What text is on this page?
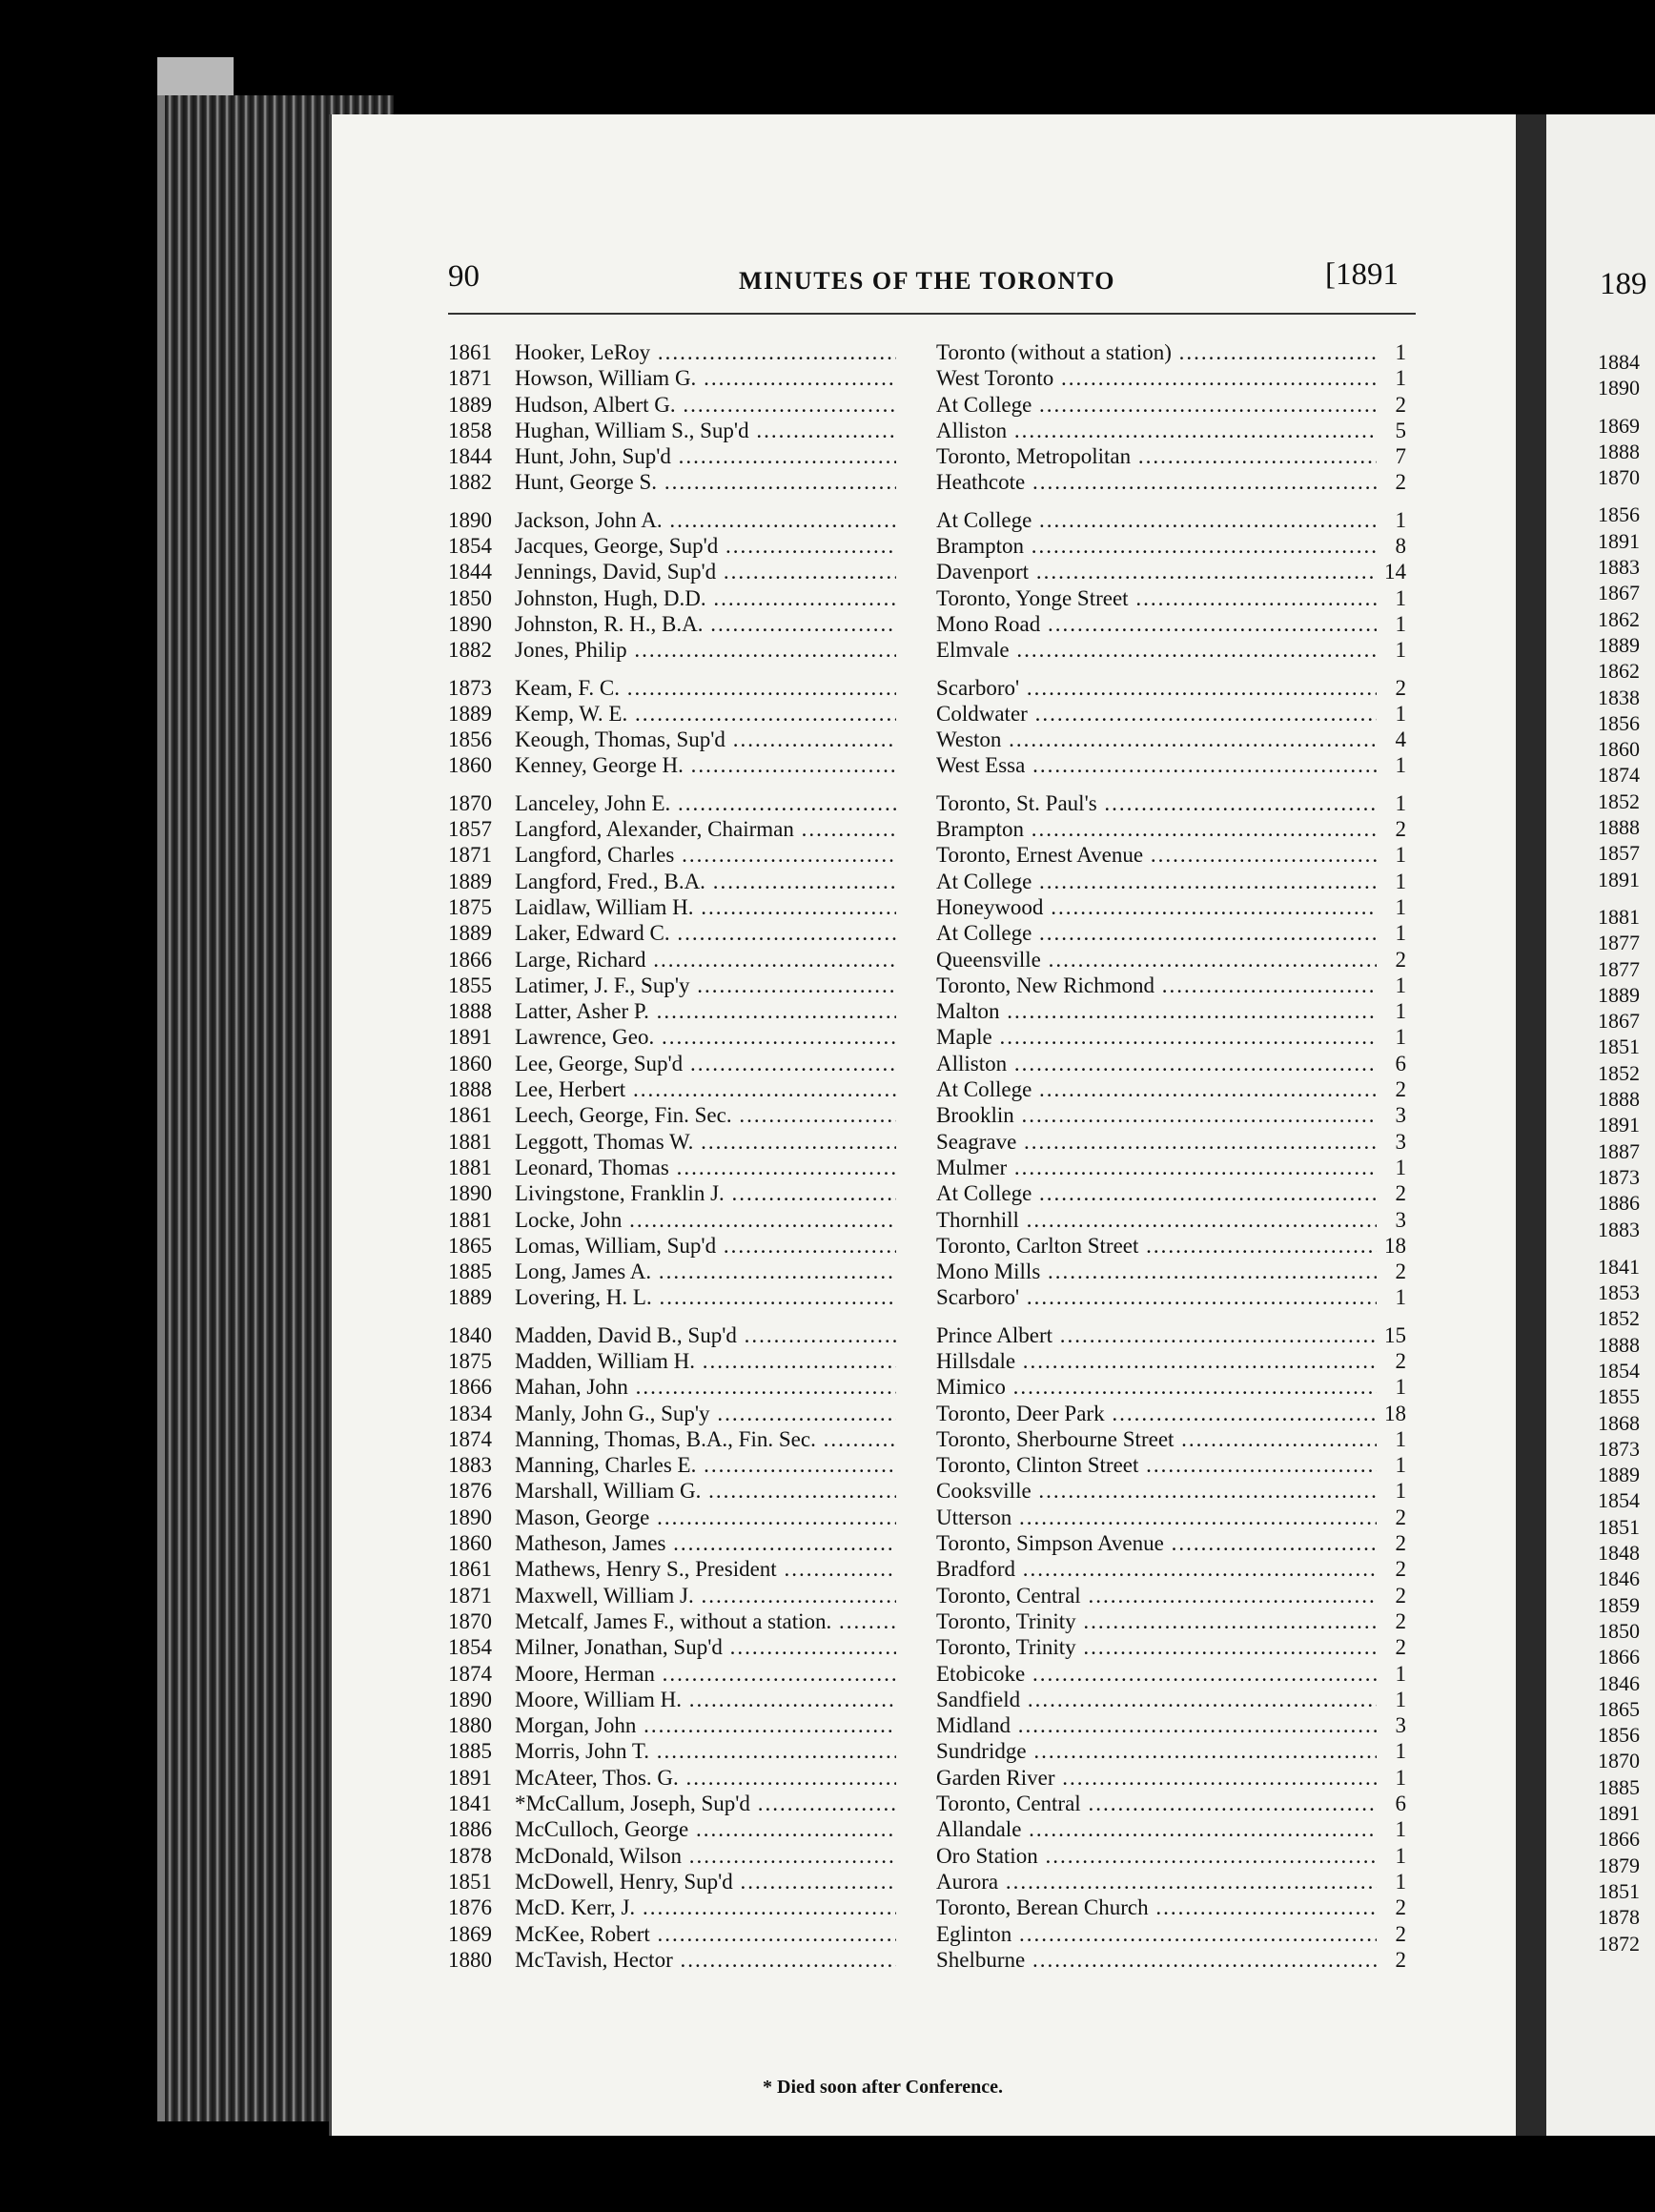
90	MINUTES OF THE TORONTO	[1891
1861 Hooker, LeRoy .....	Toronto (without a station) .....	1
1871 Howson, William G. .....	West Toronto .....	1
1889 Hudson, Albert G. .....	At College .....	2
1858 Hughan, William S., Sup'd .....	Alliston .....	5
1844 Hunt, John, Sup'd .....	Toronto, Metropolitan .....	7
1882 Hunt, George S. .....	Heathcote .....	2
1890 Jackson, John A. .....	At College .....	1
1854 Jacques, George, Sup'd .....	Brampton .....	8
1844 Jennings, David, Sup'd .....	Davenport .....	14
1850 Johnston, Hugh, D.D. .....	Toronto, Yonge Street .....	1
1890 Johnston, R. H., B.A. .....	Mono Road .....	1
1882 Jones, Philip .....	Elmvale .....	1
1873 Keam, F. C. .....	Scarboro' .....	2
1889 Kemp, W. E. .....	Coldwater .....	1
1856 Keough, Thomas, Sup'd .....	Weston .....	4
1860 Kenney, George H. .....	West Essa .....	1
1870 Lanceley, John E. .....	Toronto, St. Paul's .....	1
1857 Langford, Alexander, Chairman .....	Brampton .....	2
1871 Langford, Charles .....	Toronto, Ernest Avenue .....	1
1889 Langford, Fred., B.A. .....	At College .....	1
1875 Laidlaw, William H. .....	Honeywood .....	1
1889 Laker, Edward C. .....	At College .....	1
1866 Large, Richard .....	Queensville .....	2
1855 Latimer, J. F., Sup'y .....	Toronto, New Richmond .....	1
1888 Latter, Asher P. .....	Malton .....	1
1891 Lawrence, Geo. .....	Maple .....	1
1860 Lee, George, Sup'd .....	Alliston .....	6
1888 Lee, Herbert .....	At College .....	2
1861 Leech, George, Fin. Sec. .....	Brooklin .....	3
1881 Leggott, Thomas W. .....	Seagrave .....	3
1881 Leonard, Thomas .....	Mulmer .....	1
1890 Livingstone, Franklin J. .....	At College .....	2
1881 Locke, John .....	Thornhill .....	3
1865 Lomas, William, Sup'd .....	Toronto, Carlton Street .....	18
1885 Long, James A. .....	Mono Mills .....	2
1889 Lovering, H. L. .....	Scarboro' .....	1
1840 Madden, David B., Sup'd .....	Prince Albert .....	15
1875 Madden, William H. .....	Hillsdale .....	2
1866 Mahan, John .....	Mimico .....	1
1834 Manly, John G., Sup'y .....	Toronto, Deer Park .....	18
1874 Manning, Thomas, B.A., Fin. Sec. .....	Toronto, Sherbourne Street .....	1
1883 Manning, Charles E. .....	Toronto, Clinton Street .....	1
1876 Marshall, William G. .....	Cooksville .....	1
1890 Mason, George .....	Utterson .....	2
1860 Matheson, James .....	Toronto, Simpson Avenue .....	2
1861 Mathews, Henry S., President .....	Bradford .....	2
1871 Maxwell, William J. .....	Toronto, Central .....	2
1870 Metcalf, James F., without a station. .....	Toronto, Trinity .....	2
1854 Milner, Jonathan, Sup'd .....	Toronto, Trinity .....	2
1874 Moore, Herman .....	Etobicoke .....	1
1890 Moore, William H. .....	Sandfield .....	1
1880 Morgan, John .....	Midland .....	3
1885 Morris, John T. .....	Sundridge .....	1
1891 McAteer, Thos. G. .....	Garden River .....	1
1841 *McCallum, Joseph, Sup'd .....	Toronto, Central .....	6
1886 McCulloch, George .....	Allandale .....	1
1878 McDonald, Wilson .....	Oro Station .....	1
1851 McDowell, Henry, Sup'd .....	Aurora .....	1
1876 McD. Kerr, J. .....	Toronto, Berean Church .....	2
1869 McKee, Robert .....	Eglinton .....	2
1880 McTavish, Hector .....	Shelburne .....	2
* Died soon after Conference.
189
1884
1890
1869
1888
1870
1856
1891
1883
1867
1862
1889
1862
1838
1856
1860
1874
1852
1888
1857
1891
1881
1877
1877
1889
1867
1851
1852
1888
1891
1887
1873
1886
1883
1841
1853
1852
1888
1854
1855
1868
1873
1889
1854
1851
1848
1846
1859
1850
1866
1846
1865
1856
1870
1885
1891
1866
1879
1851
1878
1872
